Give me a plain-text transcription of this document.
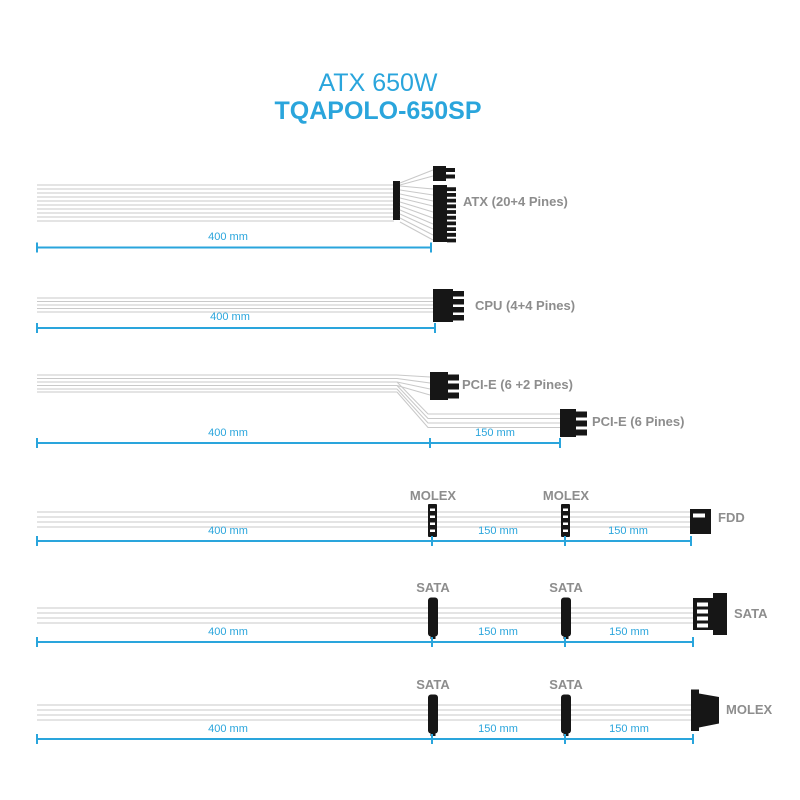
ATX 650W
TQAPOLO-650SP
ATX (20+4 Pines)
400 mm
CPU (4+4 Pines)
400 mm
PCI-E (6 +2 Pines)
PCI-E (6 Pines)
400 mm	150 mm
MOLEX	MOLEX
FDD
400 mm	150 mm	150 mm
SATA	SATA
SATA
400 mm	150 mm	150 mm
SATA	SATA
MOLEX
400 mm	150 mm	150 mm
